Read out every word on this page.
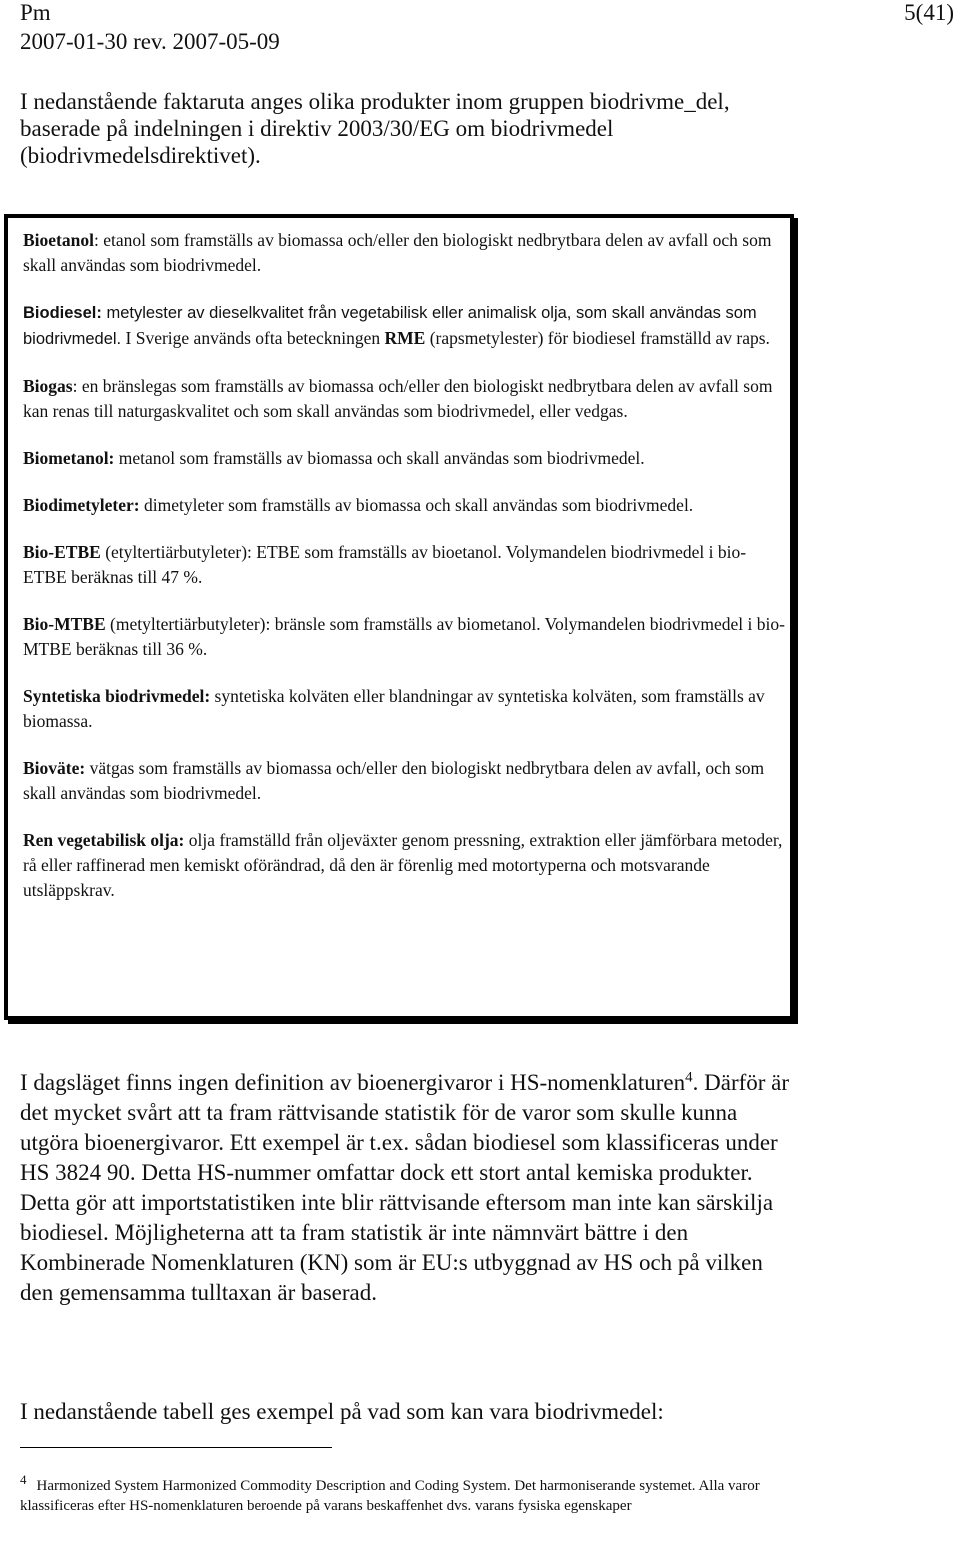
Pm
2007-01-30 rev. 2007-05-09
5(41)
I nedanstående faktaruta anges olika produkter inom gruppen biodrivme_del, baserade på indelningen i direktiv 2003/30/EG om biodrivmedel (biodrivmedelsdirektivet).

Bioetanol: etanol som framställs av biomassa och/eller den biologiskt nedbrytbara delen av avfall och som skall användas som biodrivmedel.

Biodiesel: metylester av dieselkvalitet från vegetabilisk eller animalisk olja, som skall användas som biodrivmedel. I Sverige används ofta beteckningen RME (rapsmetylester) för biodiesel framställd av raps.

Biogas: en bränslegas som framställs av biomassa och/eller den biologiskt nedbrytbara delen av avfall som kan renas till naturgaskvalitet och som skall användas som biodrivmedel, eller vedgas.

Biometanol: metanol som framställs av biomassa och skall användas som biodrivmedel.

Biodimetyleter: dimetyleter som framställs av biomassa och skall användas som biodrivmedel.

Bio-ETBE (etyltertiärbutyleter): ETBE som framställs av bioetanol. Volymandelen biodrivmedel i bio-ETBE beräknas till 47 %.

Bio-MTBE (metyltertiärbutyleter): bränsle som framställs av biometanol. Volymandelen biodrivmedel i bio-MTBE beräknas till 36 %.

Syntetiska biodrivmedel: syntetiska kolväten eller blandningar av syntetiska kolväten, som framställs av biomassa.

Bioväte: vätgas som framställs av biomassa och/eller den biologiskt nedbrytbara delen av avfall, och som skall användas som biodrivmedel.

Ren vegetabilisk olja: olja framställd från oljeväxter genom pressning, extraktion eller jämförbara metoder, rå eller raffinerad men kemiskt oförändrad, då den är förenlig med motortyperna och motsvarande utsläppskrav.

I dagsläget finns ingen definition av bioenergivaror i HS-nomenklaturen$^4$. Därför är det mycket svårt att ta fram rättvisande statistik för de varor som skulle kunna utgöra bioenergivaror. Ett exempel är t.ex. sådan biodiesel som klassificeras under HS 3824 90. Detta HS-nummer omfattar dock ett stort antal kemiska produkter. Detta gör att importstatistiken inte blir rättvisande eftersom man inte kan särskilja biodiesel. Möjligheterna att ta fram statistik är inte nämnvärt bättre i den Kombinerade Nomenklaturen (KN) som är EU:s utbyggnad av HS och på vilken den gemensamma tulltaxan är baserad.
I nedanstående tabell ges exempel på vad som kan vara biodrivmedel:
4 Harmonized System Harmonized Commodity Description and Coding System. Det harmoniserande systemet. Alla varor klassificeras efter HS-nomenklaturen beroende på varans beskaffenhet dvs. varans fysiska egenskaper
